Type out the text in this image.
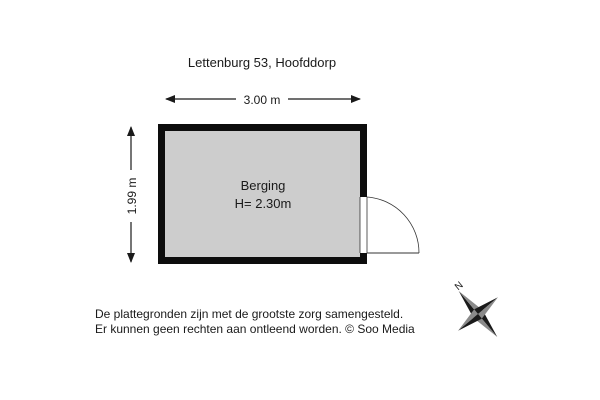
Lettenburg 53, Hoofddorp
3.00 m
1.99 m	Berging
H= 2.30m
De plattegronden zijn met de grootste zorg samengesteld.
Er kunnen geen rechten aan ontleend worden. © Soo Media
N
